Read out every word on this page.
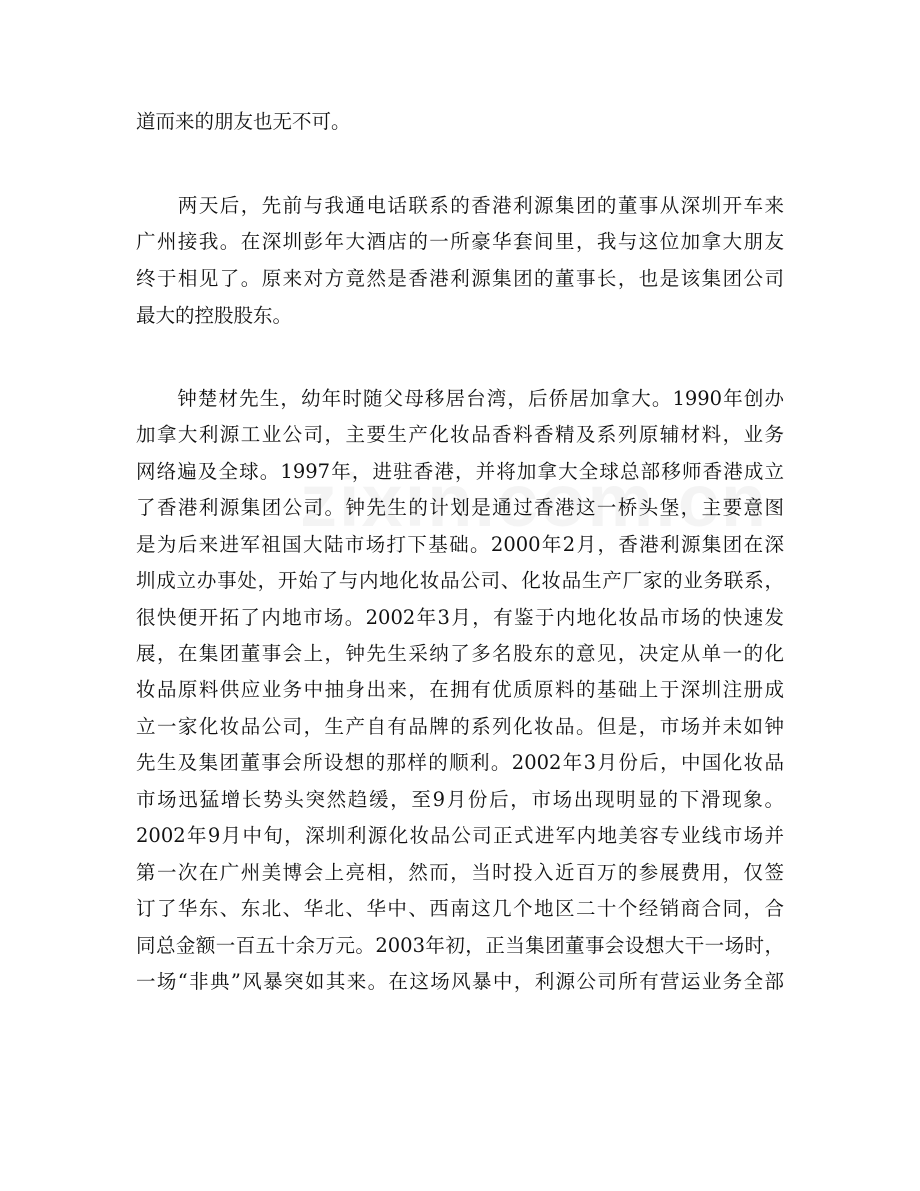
道而来的朋友也无不可。
　　两天后，先前与我通电话联系的香港利源集团的董事从深圳开车来
广州接我。在深圳彭年大酒店的一所豪华套间里，我与这位加拿大朋友
终于相见了。原来对方竟然是香港利源集团的董事长，也是该集团公司
最大的控股股东。
　　钟楚材先生，幼年时随父母移居台湾，后侨居加拿大。1990年创办
加拿大利源工业公司，主要生产化妆品香料香精及系列原辅材料，业务
网络遍及全球。1997年，进驻香港，并将加拿大全球总部移师香港成立
了香港利源集团公司。钟先生的计划是通过香港这一桥头堡，主要意图
是为后来进军祖国大陆市场打下基础。2000年2月，香港利源集团在深
圳成立办事处，开始了与内地化妆品公司、化妆品生产厂家的业务联系，
很快便开拓了内地市场。2002年3月，有鉴于内地化妆品市场的快速发
展，在集团董事会上，钟先生采纳了多名股东的意见，决定从单一的化
妆品原料供应业务中抽身出来，在拥有优质原料的基础上于深圳注册成
立一家化妆品公司，生产自有品牌的系列化妆品。但是，市场并未如钟
先生及集团董事会所设想的那样的顺利。2002年3月份后，中国化妆品
市场迅猛增长势头突然趋缓，至9月份后，市场出现明显的下滑现象。
2002年9月中旬，深圳利源化妆品公司正式进军内地美容专业线市场并
第一次在广州美博会上亮相，然而，当时投入近百万的参展费用，仅签
订了华东、东北、华北、华中、西南这几个地区二十个经销商合同，合
同总金额一百五十余万元。2003年初，正当集团董事会设想大干一场时，
一场“非典”风暴突如其来。在这场风暴中，利源公司所有营运业务全部
